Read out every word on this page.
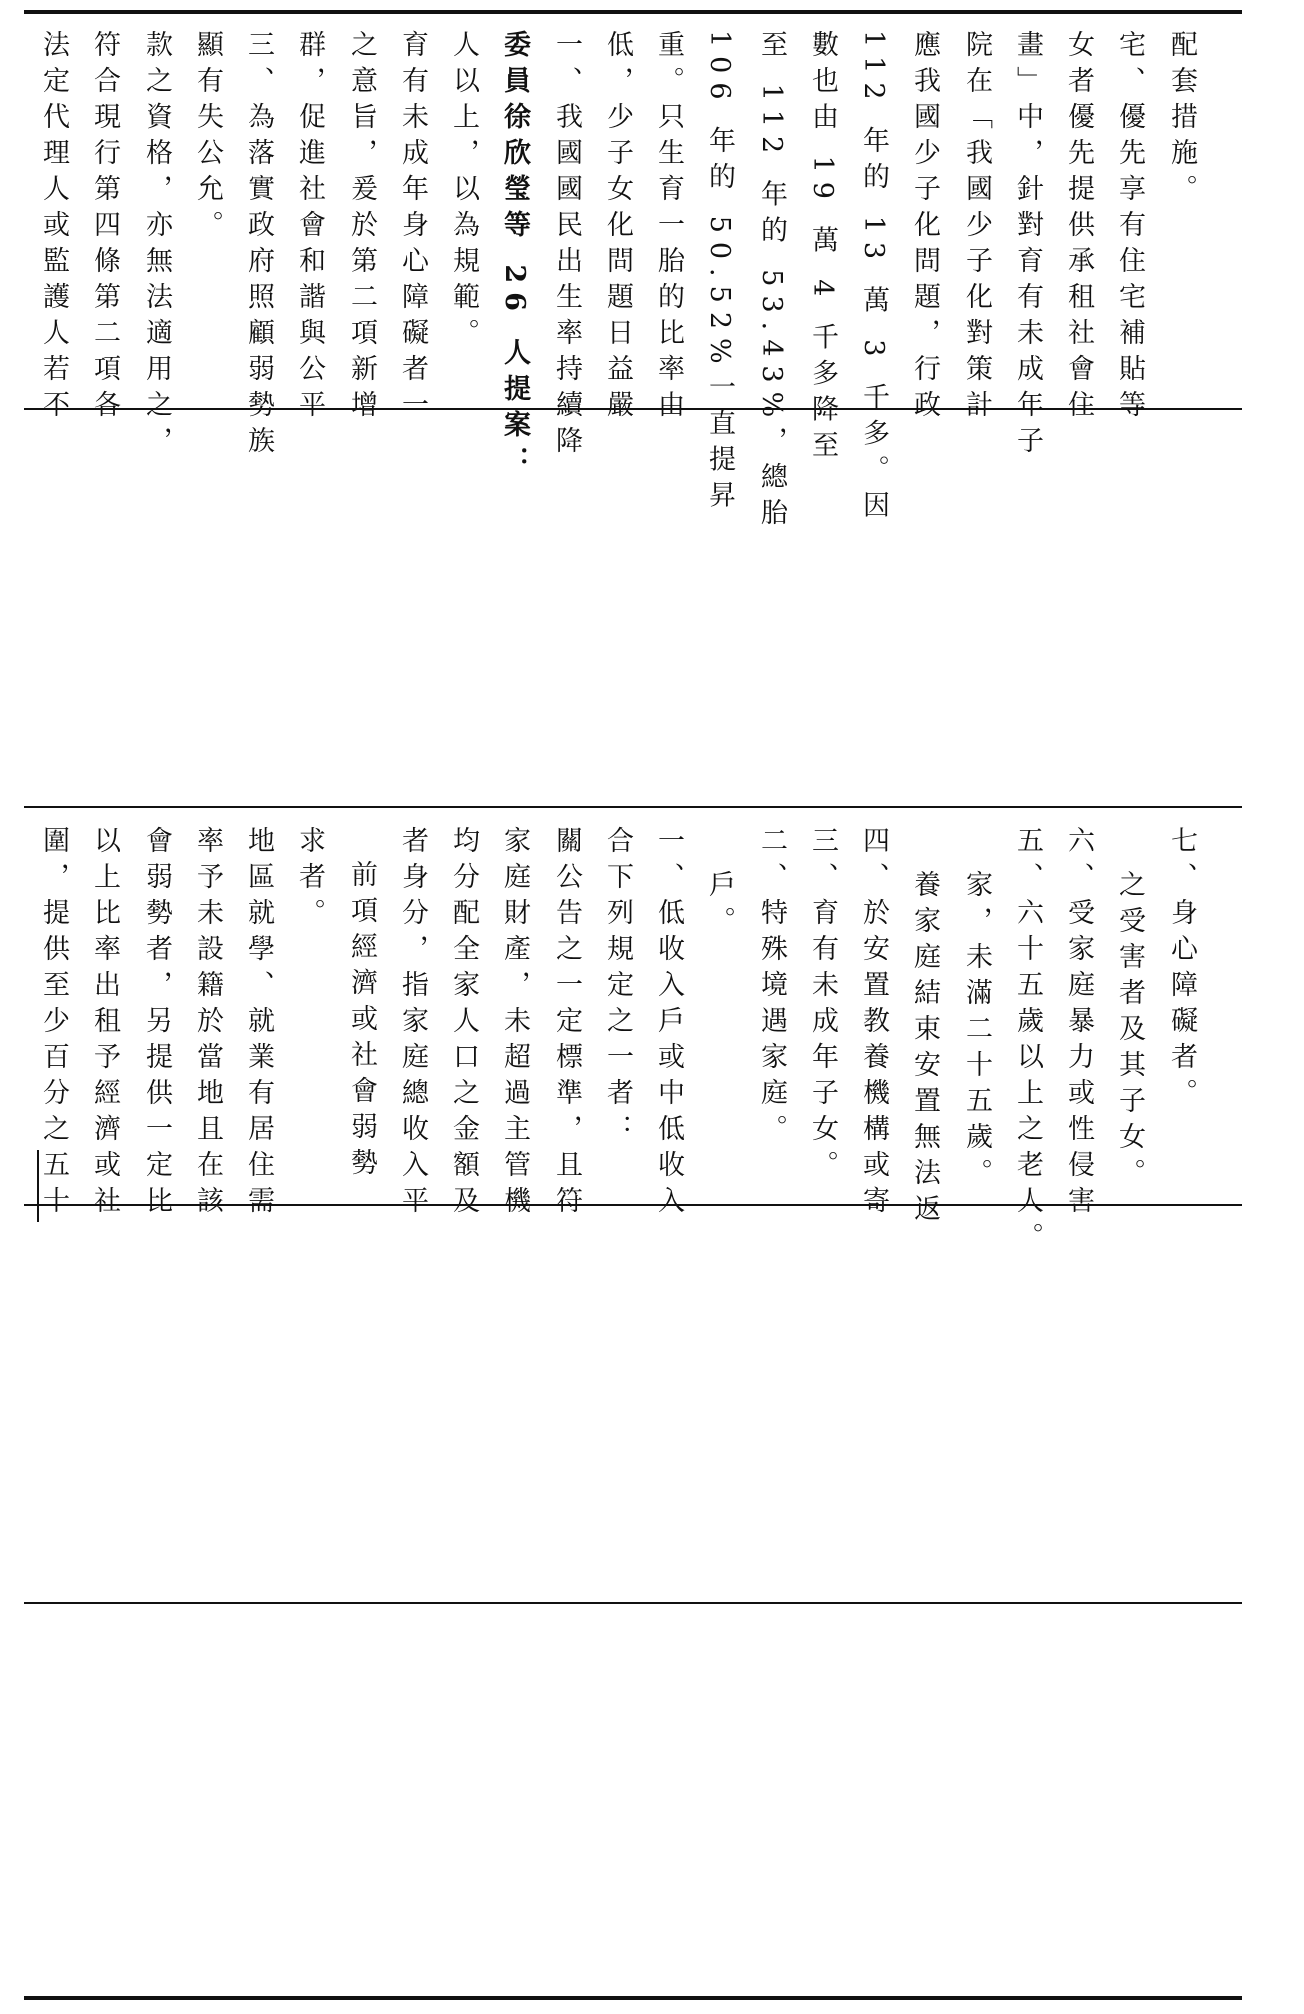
法定代理人或監護人若不 符合現行第四條第二項各 款之資格，亦無法適用之， 顯有失公允。 三、為落實政府照顧弱勢族 群，促進社會和諧與公平 之意旨，爰於第二項新增 育有未成年身心障礙者一 人以上，以為規範。 委員徐欣瑩等 26 人提案： 一、我國國民出生率持續降 低，少子女化問題日益嚴 重。只生育一胎的比率由 106 年的 50.52%一直提昇 至 112 年的 53.43%，總胎 數也由 19 萬 4 千多降至 112 年的 13 萬 3 千多。因 應我國少子化問題，行政 院在「我國少子化對策計 畫」中，針對育有未成年子 女者優先提供承租社會住 宅、優先享有住宅補貼等 配套措施。
圍，提供至少百分之五十 以上比率出租予經濟或社 會弱勢者，另提供一定比 率予未設籍於當地且在該 地區就學、就業有居住需 求者。 前項經濟或社會弱勢 者身分，指家庭總收入平 均分配全家人口之金額及 家庭財產，未超過主管機 關公告之一定標準，且符 合下列規定之一者： 一、低收入戶或中低收入 戶。 二、特殊境遇家庭。 三、育有未成年子女。 四、於安置教養機構或寄 養家庭結束安置無法返 家，未滿二十五歲。 五、六十五歲以上之老人。 六、受家庭暴力或性侵害 之受害者及其子女。 七、身心障礙者。
